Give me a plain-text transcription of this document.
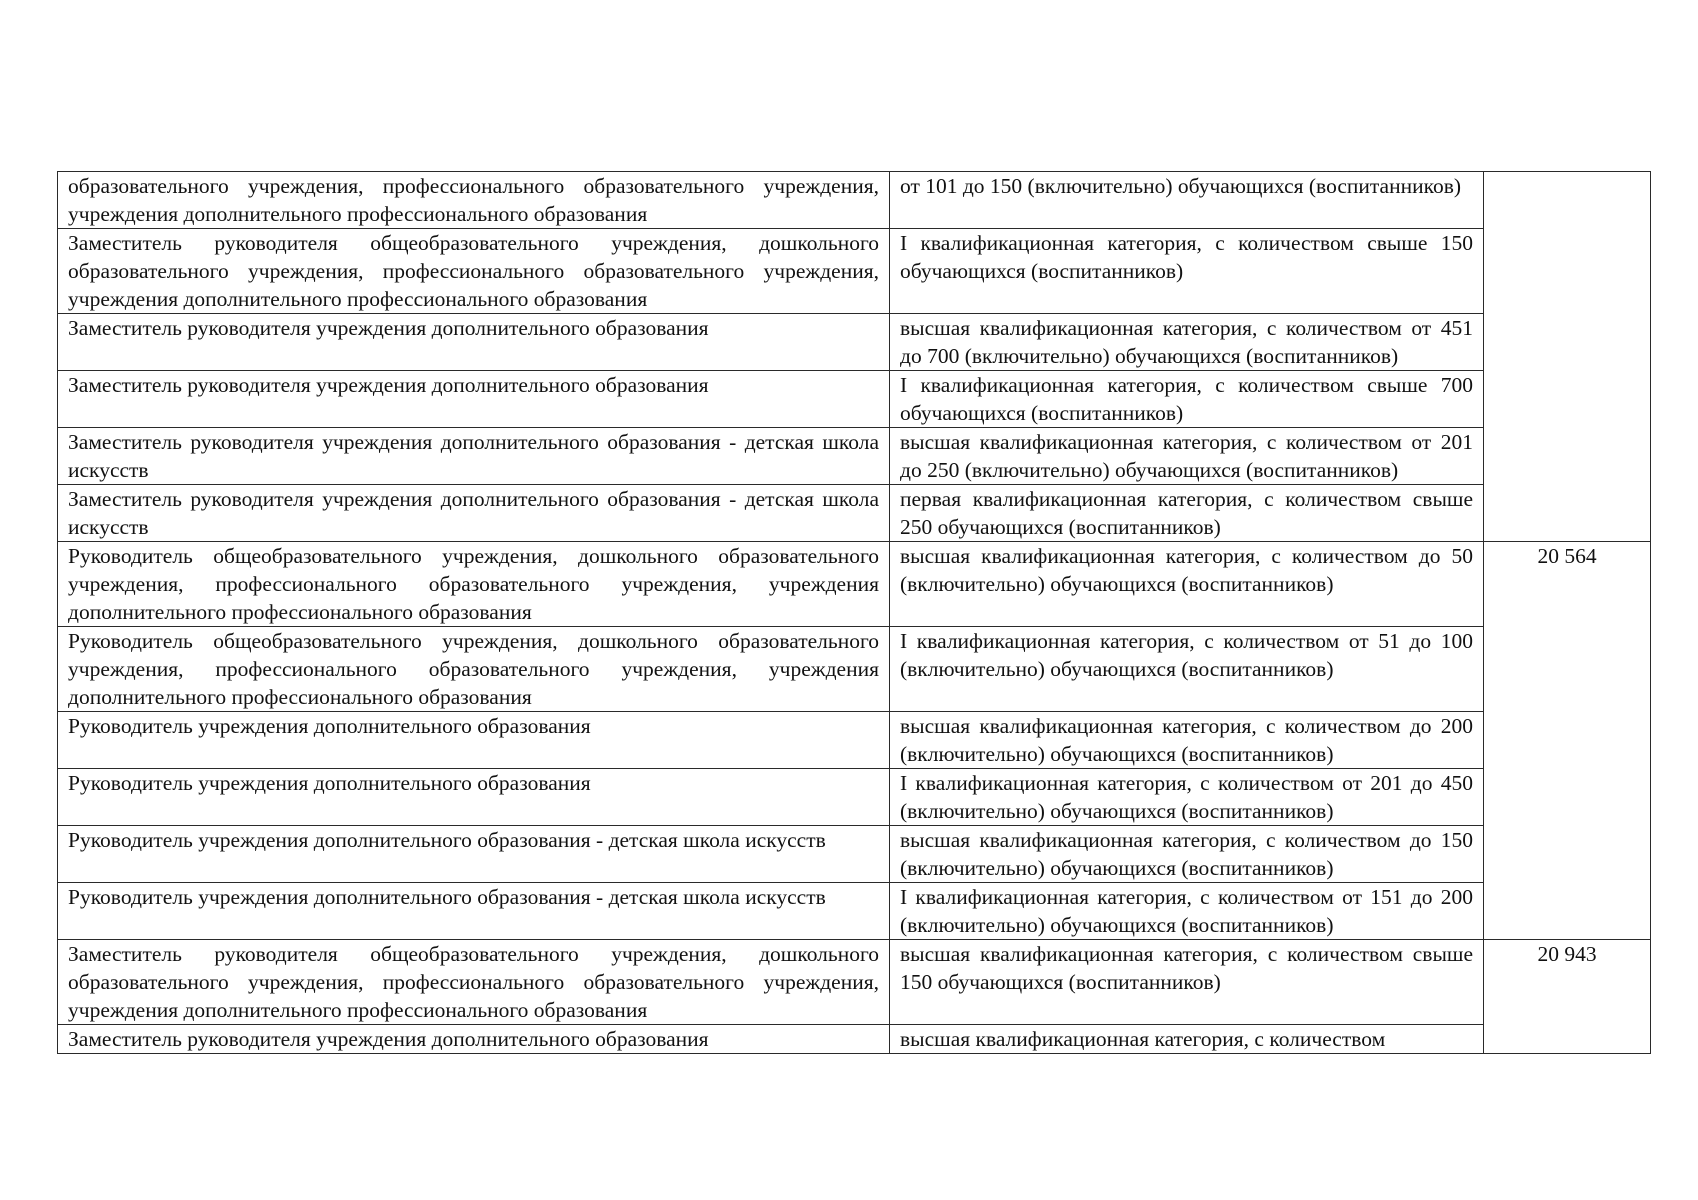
образовательного учреждения, профессионального образовательного учреждения, учреждения дополнительного профессионального образования	от 101 до 150 (включительно) обучающихся (воспитанников)	
Заместитель руководителя общеобразовательного учреждения, дошкольного образовательного учреждения, профессионального образовательного учреждения, учреждения дополнительного профессионального образования	I квалификационная категория, с количеством свыше 150 обучающихся (воспитанников)	
Заместитель руководителя учреждения дополнительного образования	высшая квалификационная категория, с количеством от 451 до 700 (включительно) обучающихся (воспитанников)	
Заместитель руководителя учреждения дополнительного образования	I квалификационная категория, с количеством свыше 700 обучающихся (воспитанников)	
Заместитель руководителя учреждения дополнительного образования - детская школа искусств	высшая квалификационная категория, с количеством от 201 до 250 (включительно) обучающихся (воспитанников)	
Заместитель руководителя учреждения дополнительного образования - детская школа искусств	первая квалификационная категория, с количеством свыше 250 обучающихся (воспитанников)	
Руководитель общеобразовательного учреждения, дошкольного образовательного учреждения, профессионального образовательного учреждения, учреждения дополнительного профессионального образования	высшая квалификационная категория, с количеством до 50 (включительно) обучающихся (воспитанников)	20 564
Руководитель общеобразовательного учреждения, дошкольного образовательного учреждения, профессионального образовательного учреждения, учреждения дополнительного профессионального образования	I квалификационная категория, с количеством от 51 до 100 (включительно) обучающихся (воспитанников)	
Руководитель учреждения дополнительного образования	высшая квалификационная категория, с количеством до 200 (включительно) обучающихся (воспитанников)	
Руководитель учреждения дополнительного образования	I квалификационная категория, с количеством от 201 до 450 (включительно) обучающихся (воспитанников)	
Руководитель учреждения дополнительного образования - детская школа искусств	высшая квалификационная категория, с количеством до 150 (включительно) обучающихся (воспитанников)	
Руководитель учреждения дополнительного образования - детская школа искусств	I квалификационная категория, с количеством от 151 до 200 (включительно) обучающихся (воспитанников)	
Заместитель руководителя общеобразовательного учреждения, дошкольного образовательного учреждения, профессионального образовательного учреждения, учреждения дополнительного профессионального образования	высшая квалификационная категория, с количеством свыше 150 обучающихся (воспитанников)	20 943
Заместитель руководителя учреждения дополнительного образования	высшая квалификационная категория, с количеством	
